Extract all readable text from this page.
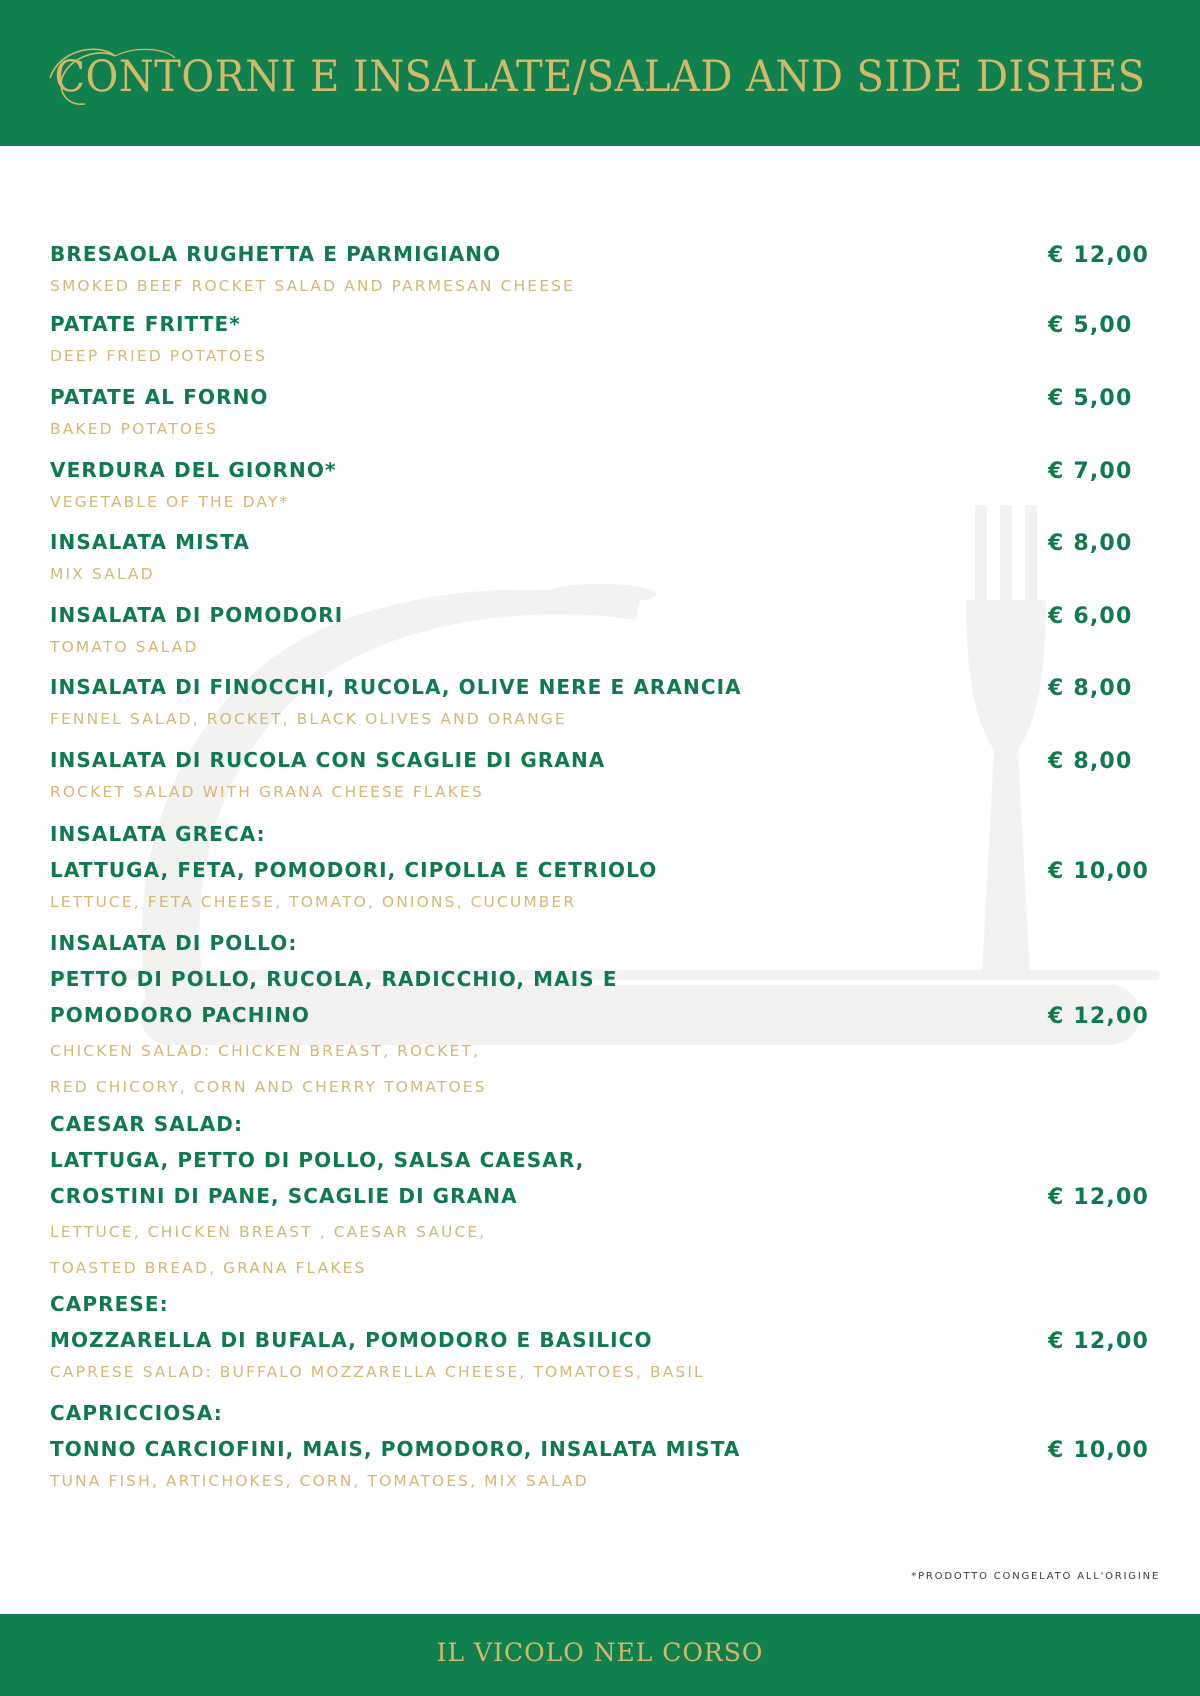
CONTORNI E INSALATE/SALAD AND SIDE DISHES
BRESAOLA RUGHETTA E PARMIGIANO
SMOKED BEEF ROCKET SALAD AND PARMESAN CHEESE
€ 12,00
PATATE FRITTE*
DEEP FRIED POTATOES
€ 5,00
PATATE AL FORNO
BAKED POTATOES
€ 5,00
VERDURA DEL GIORNO*
VEGETABLE OF THE DAY*
€ 7,00
INSALATA MISTA
MIX SALAD
€ 8,00
INSALATA DI POMODORI
TOMATO SALAD
€ 6,00
INSALATA DI FINOCCHI, RUCOLA, OLIVE NERE E ARANCIA
FENNEL SALAD, ROCKET, BLACK OLIVES AND ORANGE
€ 8,00
INSALATA DI RUCOLA CON SCAGLIE DI GRANA
ROCKET SALAD WITH GRANA CHEESE FLAKES
€ 8,00
INSALATA GRECA:
LATTUGA, FETA, POMODORI, CIPOLLA E CETRIOLO
LETTUCE, FETA CHEESE, TOMATO, ONIONS, CUCUMBER
€ 10,00
INSALATA DI POLLO:
PETTO DI POLLO, RUCOLA, RADICCHIO, MAIS E
POMODORO PACHINO
CHICKEN SALAD: CHICKEN BREAST, ROCKET,
RED CHICORY, CORN AND CHERRY TOMATOES
€ 12,00
CAESAR SALAD:
LATTUGA, PETTO DI POLLO, SALSA CAESAR,
CROSTINI DI PANE, SCAGLIE DI GRANA
LETTUCE, CHICKEN BREAST , CAESAR SAUCE,
TOASTED BREAD, GRANA FLAKES
€ 12,00
CAPRESE:
MOZZARELLA DI BUFALA, POMODORO E BASILICO
CAPRESE SALAD: BUFFALO MOZZARELLA CHEESE, TOMATOES, BASIL
€ 12,00
CAPRICCIOSA:
TONNO CARCIOFINI, MAIS, POMODORO, INSALATA MISTA
TUNA FISH, ARTICHOKES, CORN, TOMATOES, MIX SALAD
€ 10,00
*PRODOTTO CONGELATO ALL'ORIGINE
IL VICOLO NEL CORSO
